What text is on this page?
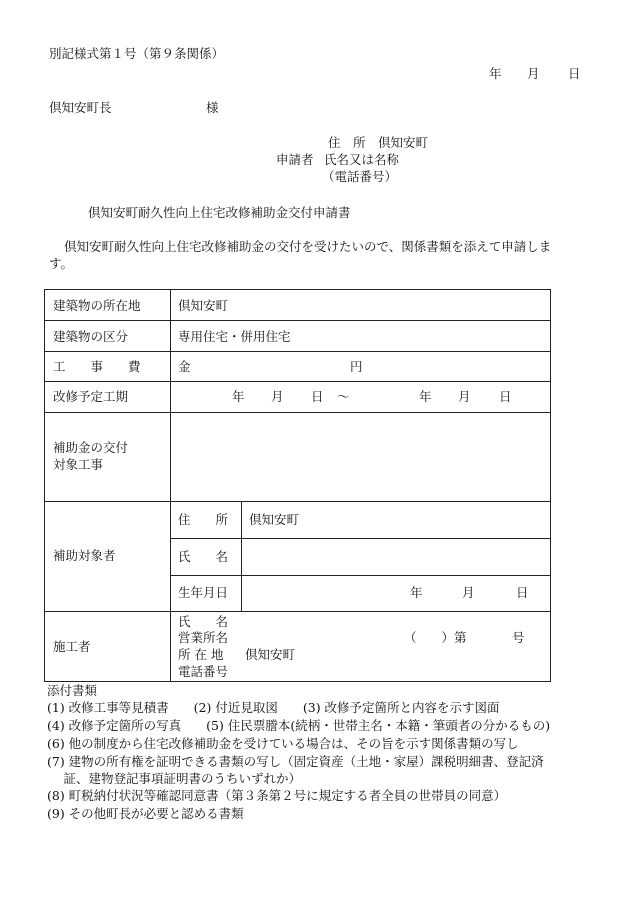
別記様式第１号（第９条関係）
年 月 日
倶知安町長	様
住　所 倶知安町
申請者 氏名又は名称
（電話番号）
倶知安町耐久性向上住宅改修補助金交付申請書
倶知安町耐久性向上住宅改修補助金の交付を受けたいので、関係書類を添えて申請しま
す。
建築物の所在地	倶知安町
建築物の区分	専用住宅・併用住宅
工　　事　　費	金	円
改修予定工期	年 月 日 ～	年 月 日
補助金の交付
対象工事
補助対象者
住　　所 倶知安町
氏　　名
生年月日	年	月	日
施工者
氏　　名
営業所名	（　　）第	号
所 在 地 倶知安町
電話番号
添付書類
(1) 改修工事等見積書　　(2) 付近見取図　　(3) 改修予定箇所と内容を示す図面
(4) 改修予定箇所の写真　　(5) 住民票謄本(続柄・世帯主名・本籍・筆頭者の分かるもの)
(6) 他の制度から住宅改修補助金を受けている場合は、その旨を示す関係書類の写し
(7) 建物の所有権を証明できる書類の写し（固定資産（土地・家屋）課税明細書、登記済
　 証、建物登記事項証明書のうちいずれか）
(8) 町税納付状況等確認同意書（第３条第２号に規定する者全員の世帯員の同意）
(9) その他町長が必要と認める書類
